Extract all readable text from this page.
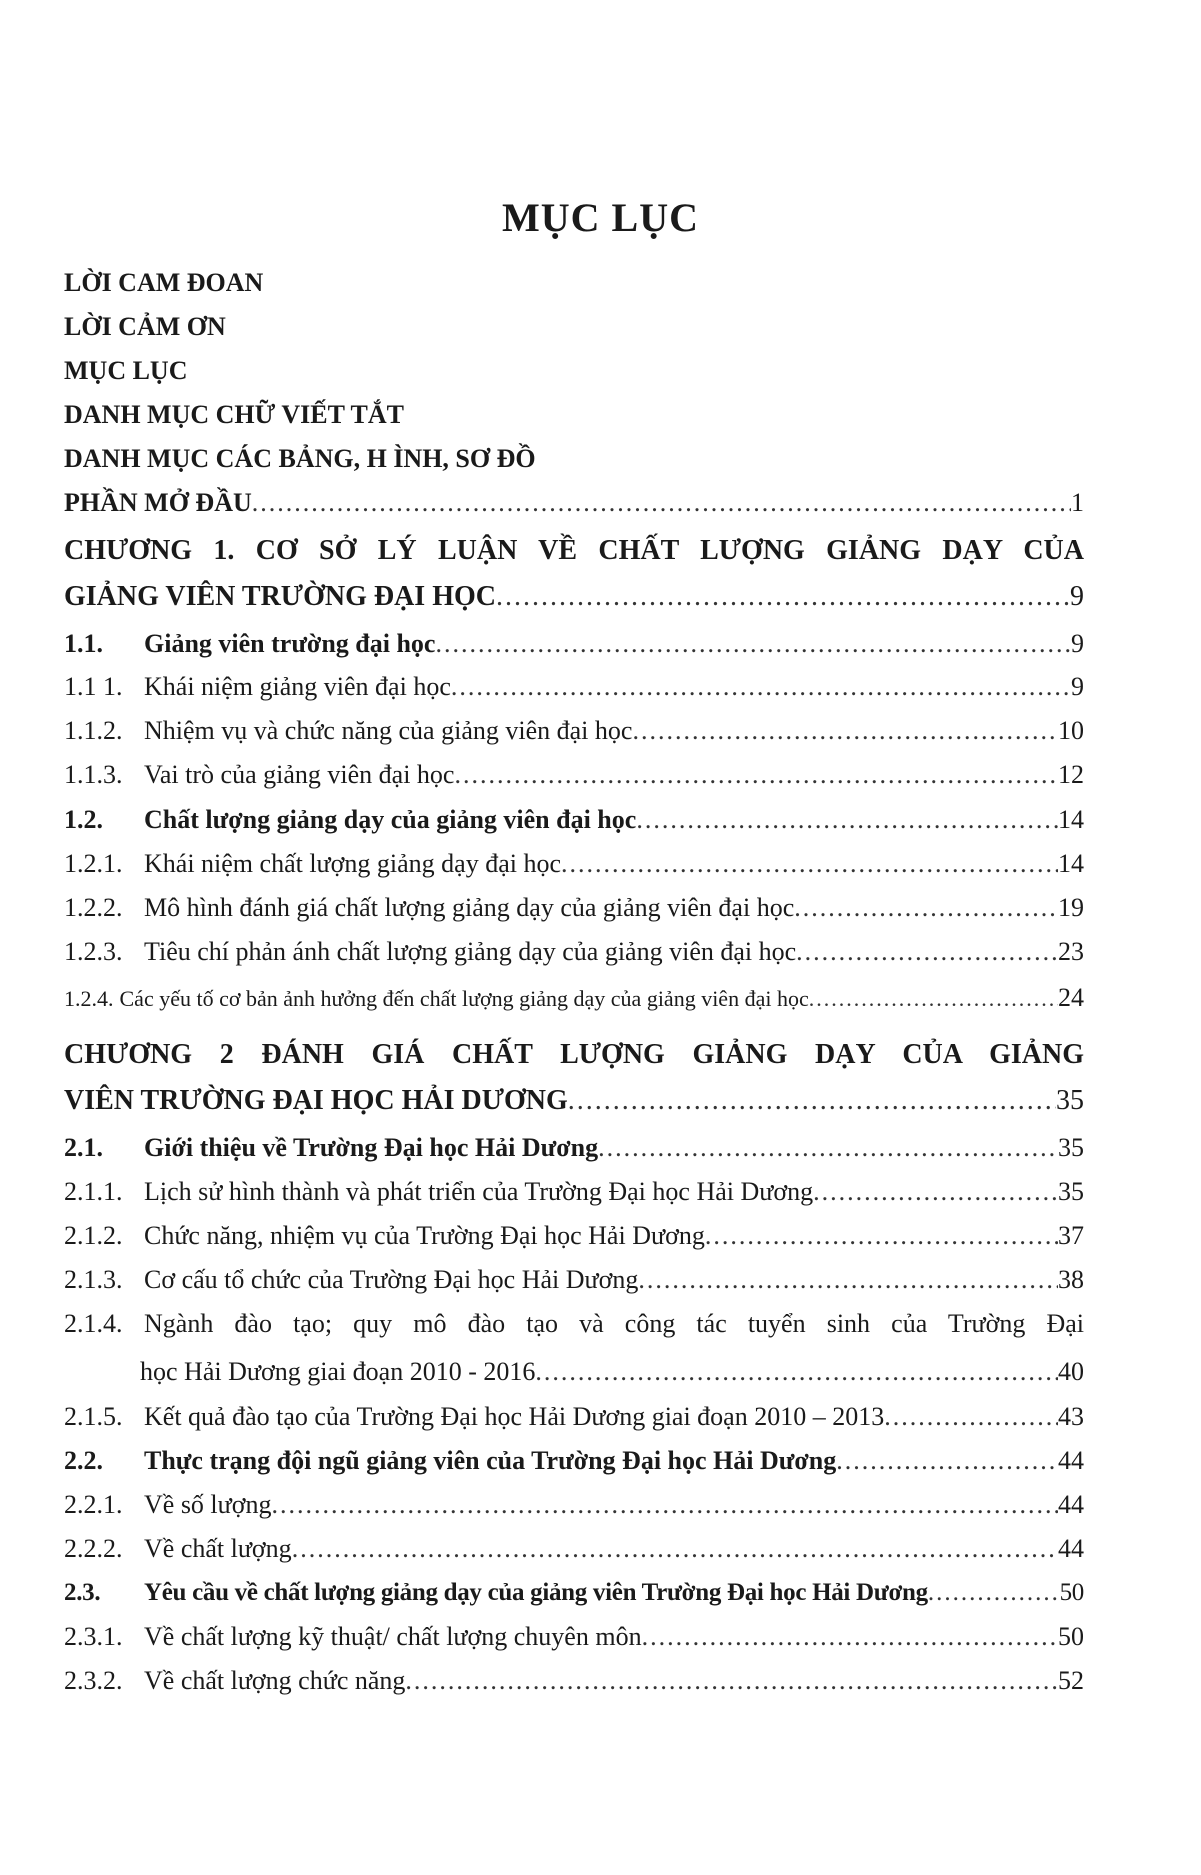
MỤC LỤC
LỜI CAM ĐOAN
LỜI CẢM ƠN
MỤC LỤC
DANH MỤC CHỮ VIẾT TẮT
DANH MỤC CÁC BẢNG, H ÌNH, SƠ ĐỒ
PHẦN MỞ ĐẦU .....	1
CHƯƠNG 1. CƠ SỞ LÝ LUẬN VỀ CHẤT LƯỢNG GIẢNG DẠY CỦA
GIẢNG VIÊN TRƯỜNG ĐẠI HỌC .....	9
1.1.	Giảng viên trường đại học .....	9
1.1 1. Khái niệm giảng viên đại học .....	9
1.1.2. Nhiệm vụ và chức năng của giảng viên đại học .....	10
1.1.3. Vai trò của giảng viên đại học .....	12
1.2.	Chất lượng giảng dạy của giảng viên đại học .....	14
1.2.1. Khái niệm chất lượng giảng dạy đại học .....	14
1.2.2. Mô hình đánh giá chất lượng giảng dạy của giảng viên đại học .....	19
1.2.3. Tiêu chí phản ánh chất lượng giảng dạy của giảng viên đại học .....	23
1.2.4. Các yếu tố cơ bản ảnh hưởng đến chất lượng giảng dạy của giảng viên đại học .....	24
CHƯƠNG 2 ĐÁNH GIÁ CHẤT LƯỢNG GIẢNG DẠY CỦA GIẢNG
VIÊN TRƯỜNG ĐẠI HỌC HẢI DƯƠNG .....	35
2.1.	Giới thiệu về Trường Đại học Hải Dương .....	35
2.1.1. Lịch sử hình thành và phát triển của Trường Đại học Hải Dương .....	35
2.1.2. Chức năng, nhiệm vụ của Trường Đại học Hải Dương .....	37
2.1.3. Cơ cấu tổ chức của Trường Đại học Hải Dương .....	38
2.1.4. Ngành đào tạo; quy mô đào tạo và công tác tuyển sinh của Trường Đại
học Hải Dương giai đoạn 2010 - 2016 .....	40
2.1.5. Kết quả đào tạo của Trường Đại học Hải Dương giai đoạn 2010 – 2013 .....	43
2.2.	Thực trạng đội ngũ giảng viên của Trường Đại học Hải Dương .....	44
2.2.1. Về số lượng .....	44
2.2.2. Về chất lượng .....	44
2.3.	Yêu cầu về chất lượng giảng dạy của giảng viên Trường Đại học Hải Dương .....	50
2.3.1. Về chất lượng kỹ thuật/ chất lượng chuyên môn .....	50
2.3.2. Về chất lượng chức năng .....	52
